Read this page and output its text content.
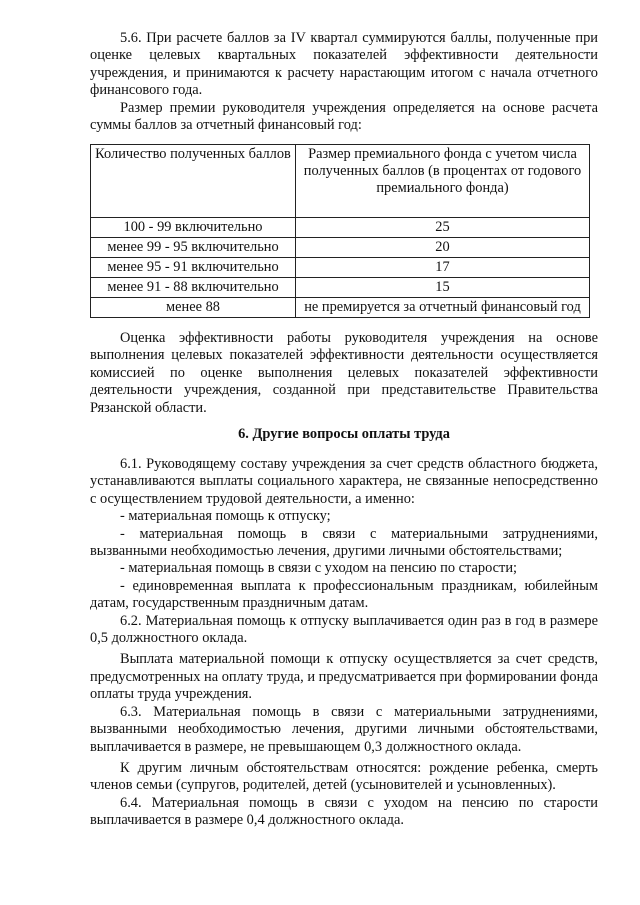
5.6. При расчете баллов за IV квартал суммируются баллы, полученные при оценке целевых квартальных показателей эффективности деятельности учреждения, и принимаются к расчету нарастающим итогом с начала отчетного финансового года.

Размер премии руководителя учреждения определяется на основе расчета суммы баллов за отчетный финансовый год:

Количество полученных баллов	Размер премиального фонда с учетом числа полученных баллов (в процентах от годового премиального фонда)
100 - 99 включительно	25
менее 99 - 95 включительно	20
менее 95 - 91 включительно	17
менее 91 - 88 включительно	15
менее 88	не премируется за отчетный финансовый год

Оценка эффективности работы руководителя учреждения на основе выполнения целевых показателей эффективности деятельности осуществляется комиссией по оценке выполнения целевых показателей эффективности деятельности учреждения, созданной при представительстве Правительства Рязанской области.

6. Другие вопросы оплаты труда

6.1. Руководящему составу учреждения за счет средств областного бюджета, устанавливаются выплаты социального характера, не связанные непосредственно с осуществлением трудовой деятельности, а именно:

- материальная помощь к отпуску;

- материальная помощь в связи с материальными затруднениями, вызванными необходимостью лечения, другими личными обстоятельствами;

- материальная помощь в связи с уходом на пенсию по старости;

- единовременная выплата к профессиональным праздникам, юбилейным датам, государственным праздничным датам.

6.2. Материальная помощь к отпуску выплачивается один раз в год в размере 0,5 должностного оклада.

Выплата материальной помощи к отпуску осуществляется за счет средств, предусмотренных на оплату труда, и предусматривается при формировании фонда оплаты труда учреждения.

6.3. Материальная помощь в связи с материальными затруднениями, вызванными необходимостью лечения, другими личными обстоятельствами, выплачивается в размере, не превышающем 0,3 должностного оклада.

К другим личным обстоятельствам относятся: рождение ребенка, смерть членов семьи (супругов, родителей, детей (усыновителей и усыновленных).

6.4. Материальная помощь в связи с уходом на пенсию по старости выплачивается в размере 0,4 должностного оклада.
